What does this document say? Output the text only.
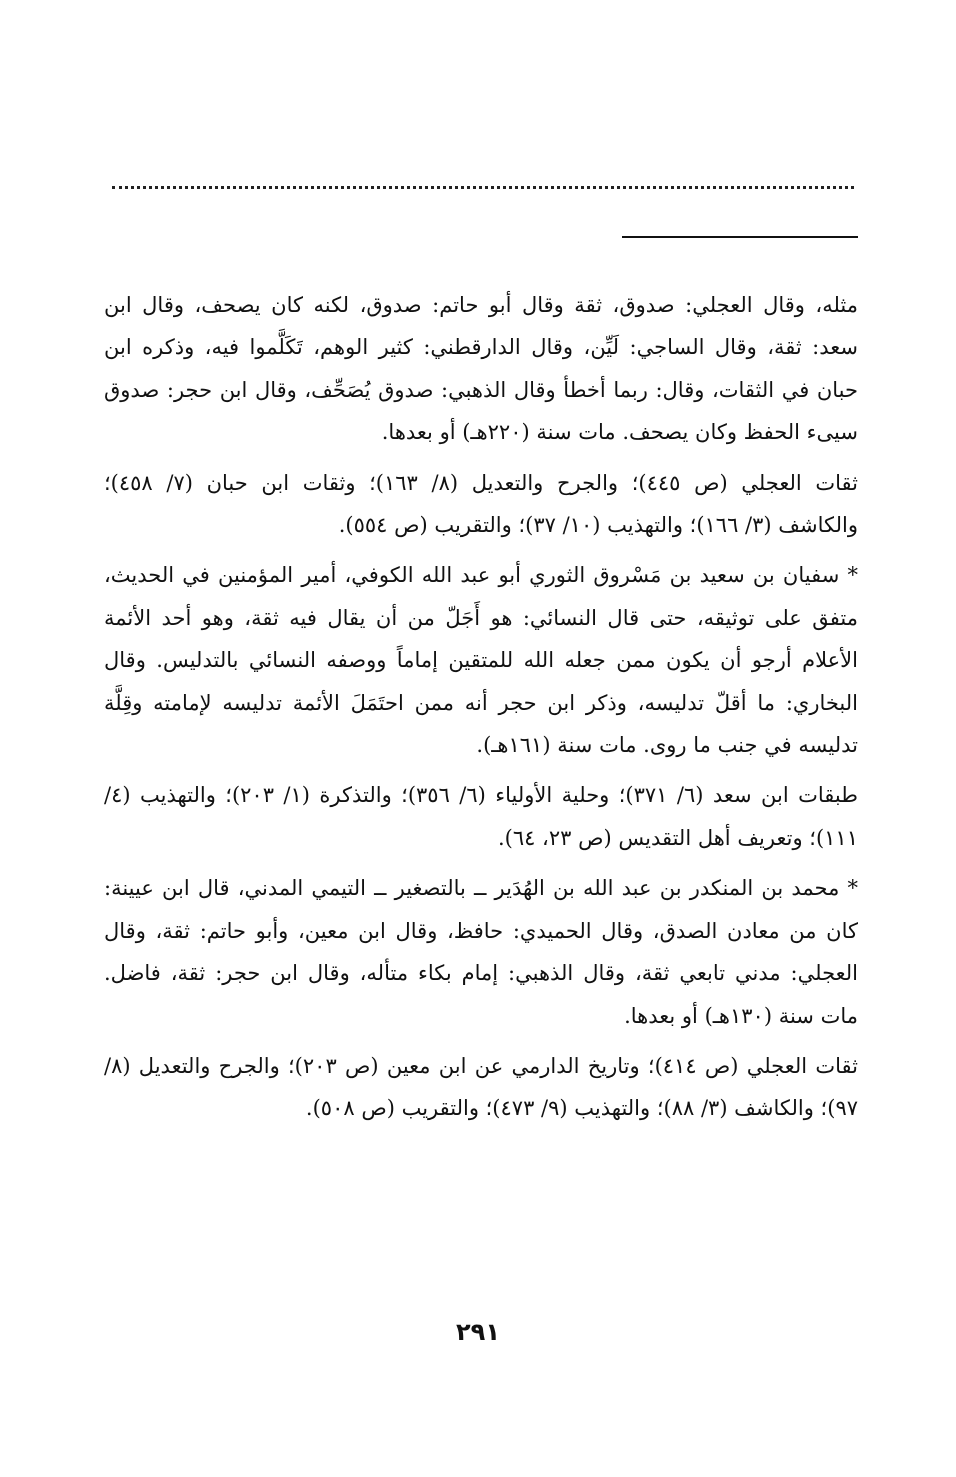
مثله، وقال العجلي: صدوق، ثقة وقال أبو حاتم: صدوق، لكنه كان يصحف، وقال ابن سعد: ثقة، وقال الساجي: لَيِّن، وقال الدارقطني: كثير الوهم، تَكَلَّموا فيه، وذكره ابن حبان في الثقات، وقال: ربما أخطأ وقال الذهبي: صدوق يُصَحِّف، وقال ابن حجر: صدوق سيىء الحفظ وكان يصحف. مات سنة (٢٢٠هـ) أو بعدها.

ثقات العجلي (ص ٤٤٥)؛ والجرح والتعديل (٨/ ١٦٣)؛ وثقات ابن حبان (٧/ ٤٥٨)؛ والكاشف (٣/ ١٦٦)؛ والتهذيب (١٠/ ٣٧)؛ والتقريب (ص ٥٥٤).

* سفيان بن سعيد بن مَسْروق الثوري أبو عبد الله الكوفي، أمير المؤمنين في الحديث، متفق على توثيقه، حتى قال النسائي: هو أَجَلّ من أن يقال فيه ثقة، وهو أحد الأئمة الأعلام أرجو أن يكون ممن جعله الله للمتقين إماماً ووصفه النسائي بالتدليس. وقال البخاري: ما أقلّ تدليسه، وذكر ابن حجر أنه ممن احتَمَلَ الأئمة تدليسه لإمامته وقِلَّة تدليسه في جنب ما روى. مات سنة (١٦١هـ).

طبقات ابن سعد (٦/ ٣٧١)؛ وحلية الأولياء (٦/ ٣٥٦)؛ والتذكرة (١/ ٢٠٣)؛ والتهذيب (٤/ ١١١)؛ وتعريف أهل التقديس (ص ٢٣، ٦٤).

* محمد بن المنكدر بن عبد الله بن الهُدَير ــ بالتصغير ــ التيمي المدني، قال ابن عيينة: كان من معادن الصدق، وقال الحميدي: حافظ، وقال ابن معين، وأبو حاتم: ثقة، وقال العجلي: مدني تابعي ثقة، وقال الذهبي: إمام بكاء متأله، وقال ابن حجر: ثقة، فاضل. مات سنة (١٣٠هـ) أو بعدها.

ثقات العجلي (ص ٤١٤)؛ وتاريخ الدارمي عن ابن معين (ص ٢٠٣)؛ والجرح والتعديل (٨/ ٩٧)؛ والكاشف (٣/ ٨٨)؛ والتهذيب (٩/ ٤٧٣)؛ والتقريب (ص ٥٠٨).

٢٩١
